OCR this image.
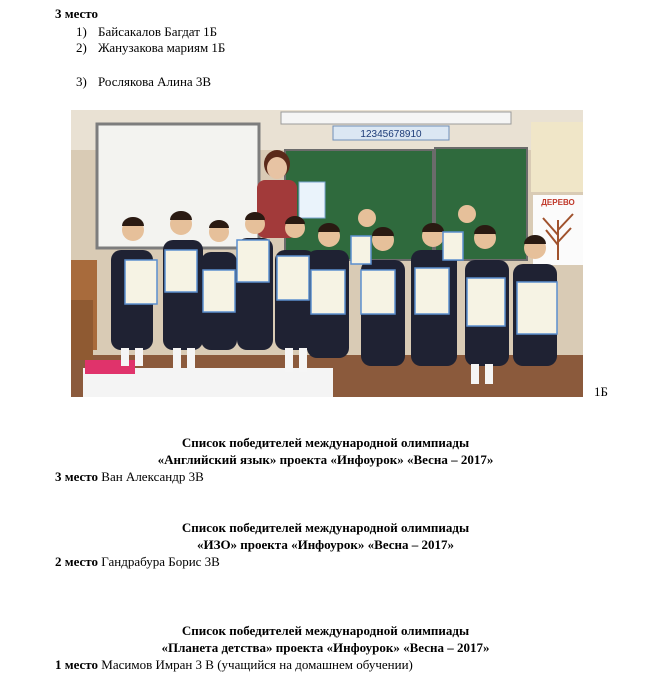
3 место
1) Байсакалов Багдат 1Б
2) Жанузакова мариям 1Б
3) Рослякова Алина 3В
12345678910
ДЕРЕВО
1Б
Список победителей международной олимпиады
«Английский язык» проекта «Инфоурок» «Весна – 2017»
3 место Ван Александр 3В
Список победителей международной олимпиады
«ИЗО» проекта «Инфоурок» «Весна – 2017»
2 место Гандрабура Борис 3В
Список победителей международной олимпиады
«Планета детства» проекта «Инфоурок» «Весна – 2017»
1 место Масимов Имран 3 В (учащийся на домашнем обучении)
